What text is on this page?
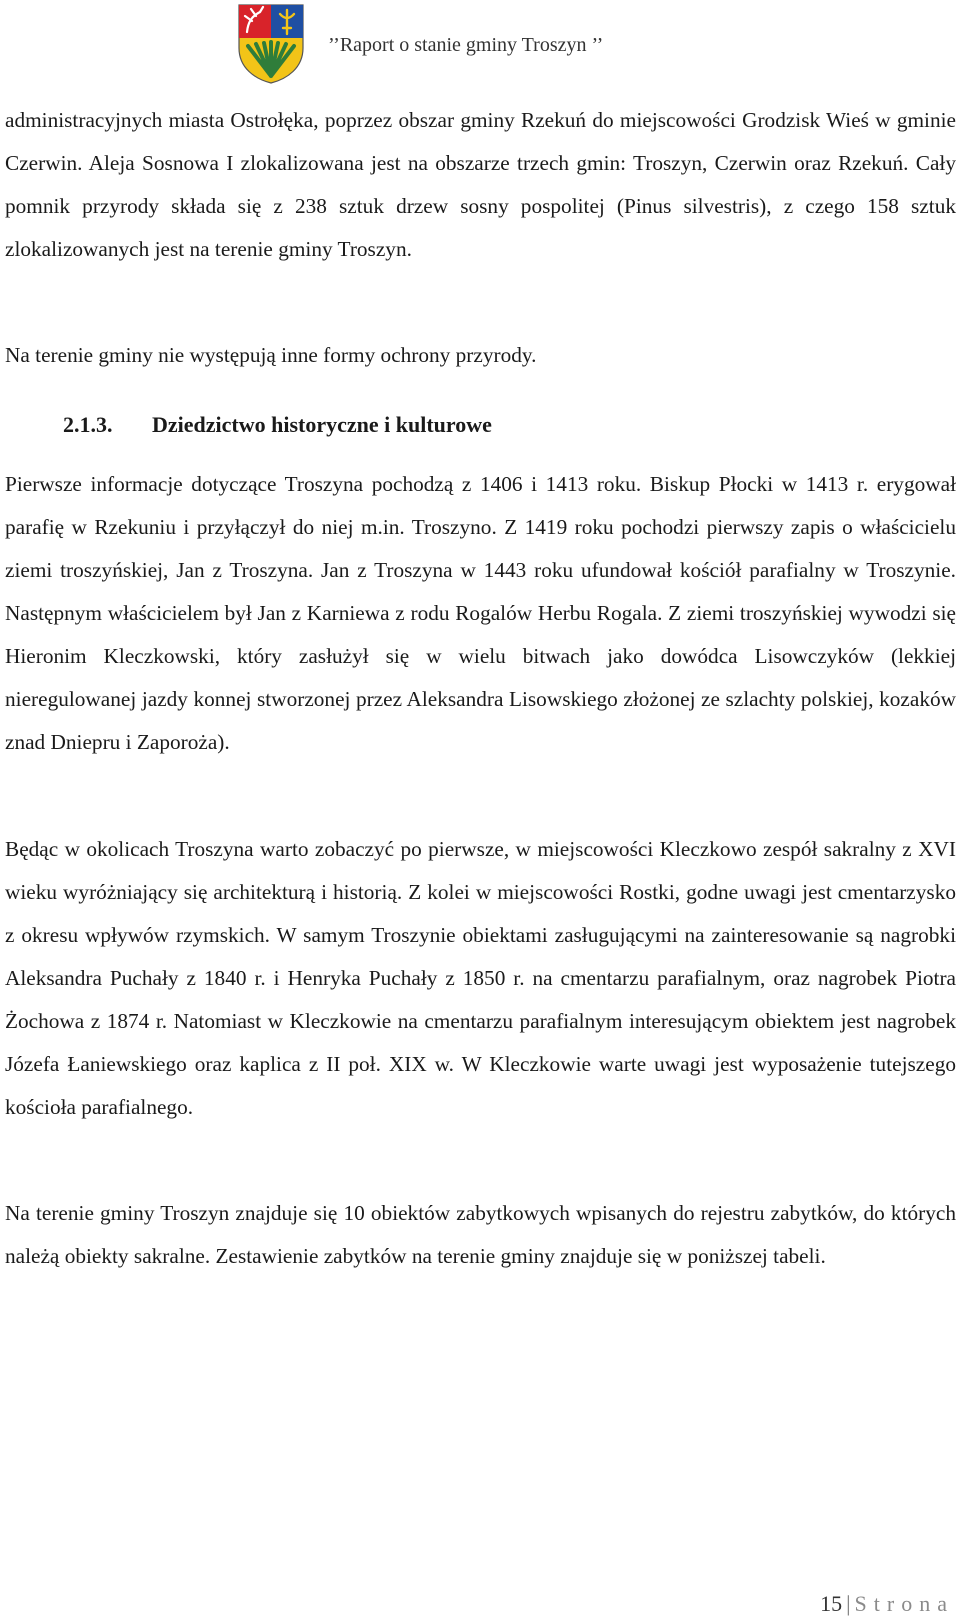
’’Raport o stanie gminy Troszyn ’’

administracyjnych miasta Ostrołęka, poprzez obszar gminy Rzekuń do miejscowości Grodzisk Wieś w gminie Czerwin. Aleja Sosnowa I zlokalizowana jest na obszarze trzech gmin: Troszyn, Czerwin oraz Rzekuń. Cały pomnik przyrody składa się z 238 sztuk drzew sosny pospolitej (Pinus silvestris), z czego 158 sztuk zlokalizowanych jest na terenie gminy Troszyn.

Na terenie gminy nie występują inne formy ochrony przyrody.

2.1.3. Dziedzictwo historyczne i kulturowe

Pierwsze informacje dotyczące Troszyna pochodzą z 1406 i 1413 roku. Biskup Płocki w 1413 r. erygował parafię w Rzekuniu i przyłączył do niej m.in. Troszyno. Z 1419 roku pochodzi pierwszy zapis o właścicielu ziemi troszyńskiej, Jan z Troszyna. Jan z Troszyna w 1443 roku ufundował kościół parafialny w Troszynie. Następnym właścicielem był Jan z Karniewa z rodu Rogalów Herbu Rogala. Z ziemi troszyńskiej wywodzi się Hieronim Kleczkowski, który zasłużył się w wielu bitwach jako dowódca Lisowczyków (lekkiej nieregulowanej jazdy konnej stworzonej przez Aleksandra Lisowskiego złożonej ze szlachty polskiej, kozaków znad Dniepru i Zaporoża).

Będąc w okolicach Troszyna warto zobaczyć po pierwsze, w miejscowości Kleczkowo zespół sakralny z XVI wieku wyróżniający się architekturą i historią. Z kolei w miejscowości Rostki, godne uwagi jest cmentarzysko z okresu wpływów rzymskich. W samym Troszynie obiektami zasługującymi na zainteresowanie są nagrobki Aleksandra Puchały z 1840 r. i Henryka Puchały z 1850 r. na cmentarzu parafialnym, oraz nagrobek Piotra Żochowa z 1874 r. Natomiast w Kleczkowie na cmentarzu parafialnym interesującym obiektem jest nagrobek Józefa Łaniewskiego oraz kaplica z II poł. XIX w. W Kleczkowie warte uwagi jest wyposażenie tutejszego kościoła parafialnego.

Na terenie gminy Troszyn znajduje się 10 obiektów zabytkowych wpisanych do rejestru zabytków, do których należą obiekty sakralne. Zestawienie zabytków na terenie gminy znajduje się w poniższej tabeli.

15 | Strona
